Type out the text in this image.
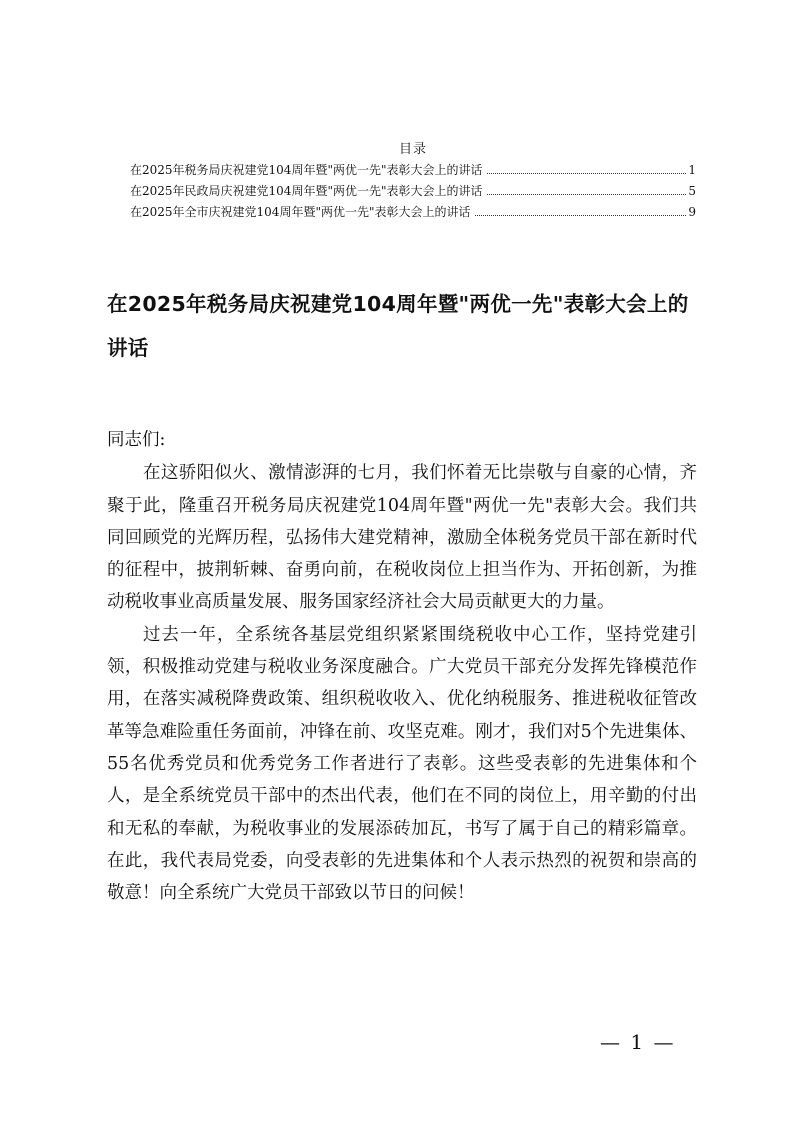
目录
在2025年税务局庆祝建党104周年暨"两优一先"表彰大会上的讲话	1
在2025年民政局庆祝建党104周年暨"两优一先"表彰大会上的讲话	5
在2025年全市庆祝建党104周年暨"两优一先"表彰大会上的讲话	9
在2025年税务局庆祝建党104周年暨"两优一先"表彰大会上的讲话

同志们:

在这骄阳似火、激情澎湃的七月，我们怀着无比崇敬与自豪的心情，齐聚于此，隆重召开税务局庆祝建党104周年暨"两优一先"表彰大会。我们共同回顾党的光辉历程，弘扬伟大建党精神，激励全体税务党员干部在新时代的征程中，披荆斩棘、奋勇向前，在税收岗位上担当作为、开拓创新，为推动税收事业高质量发展、服务国家经济社会大局贡献更大的力量。

过去一年，全系统各基层党组织紧紧围绕税收中心工作，坚持党建引领，积极推动党建与税收业务深度融合。广大党员干部充分发挥先锋模范作用，在落实减税降费政策、组织税收收入、优化纳税服务、推进税收征管改革等急难险重任务面前，冲锋在前、攻坚克难。刚才，我们对5个先进集体、55名优秀党员和优秀党务工作者进行了表彰。这些受表彰的先进集体和个人，是全系统党员干部中的杰出代表，他们在不同的岗位上，用辛勤的付出和无私的奉献，为税收事业的发展添砖加瓦，书写了属于自己的精彩篇章。在此，我代表局党委，向受表彰的先进集体和个人表示热烈的祝贺和崇高的敬意！向全系统广大党员干部致以节日的问候！

— 1 —
